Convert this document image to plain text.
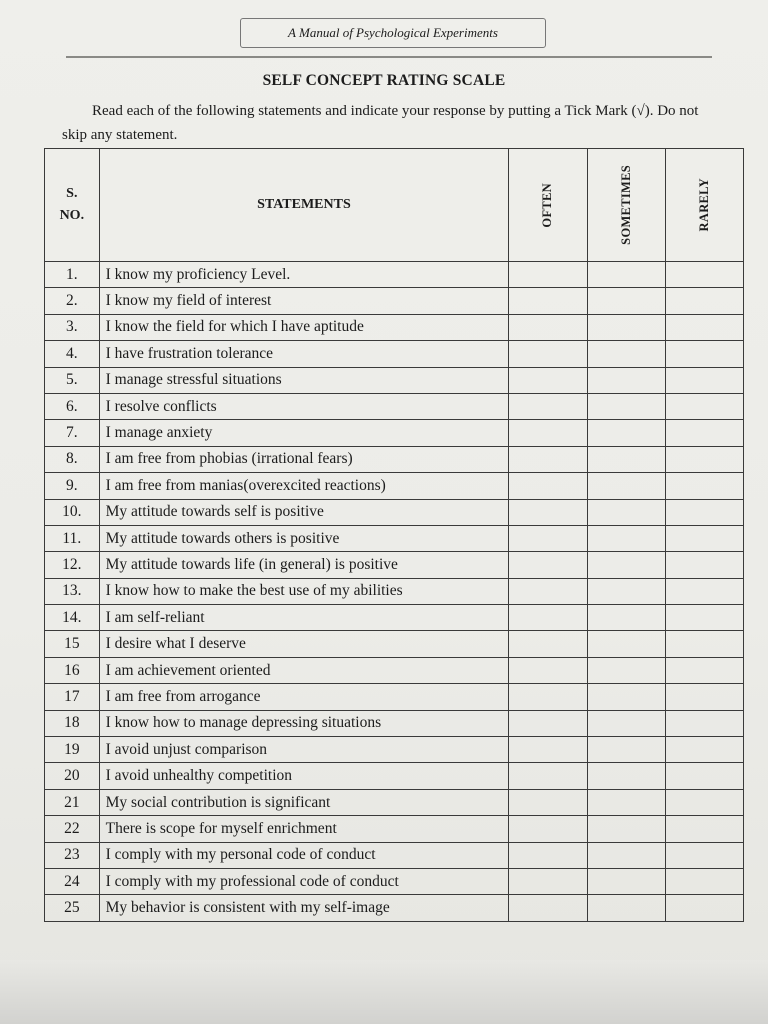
A Manual of Psychological Experiments
SELF CONCEPT RATING SCALE
Read each of the following statements and indicate your response by putting a Tick Mark (√). Do not skip any statement.
S.
NO.	STATEMENTS	OFTEN	SOMETIMES	RARELY

1.	I know my proficiency Level.			
2.	I know my field of interest			
3.	I know the field for which I have aptitude			
4.	I have frustration tolerance			
5.	I manage stressful situations			
6.	I resolve conflicts			
7.	I manage anxiety			
8.	I am free from phobias (irrational fears)			
9.	I am free from manias(overexcited reactions)			
10.	My attitude towards self is positive			
11.	My attitude towards others is positive			
12.	My attitude towards life (in general) is positive			
13.	I know how to make the best use of my abilities			
14.	I am self-reliant			
15	I desire what I deserve			
16	I am achievement oriented			
17	I am free from arrogance			
18	I know how to manage depressing situations			
19	I avoid unjust comparison			
20	I avoid unhealthy competition			
21	My social contribution is significant			
22	There is scope for myself enrichment			
23	I comply with my personal code of conduct			
24	I comply with my professional code of conduct			
25	My behavior is consistent with my self-image			
